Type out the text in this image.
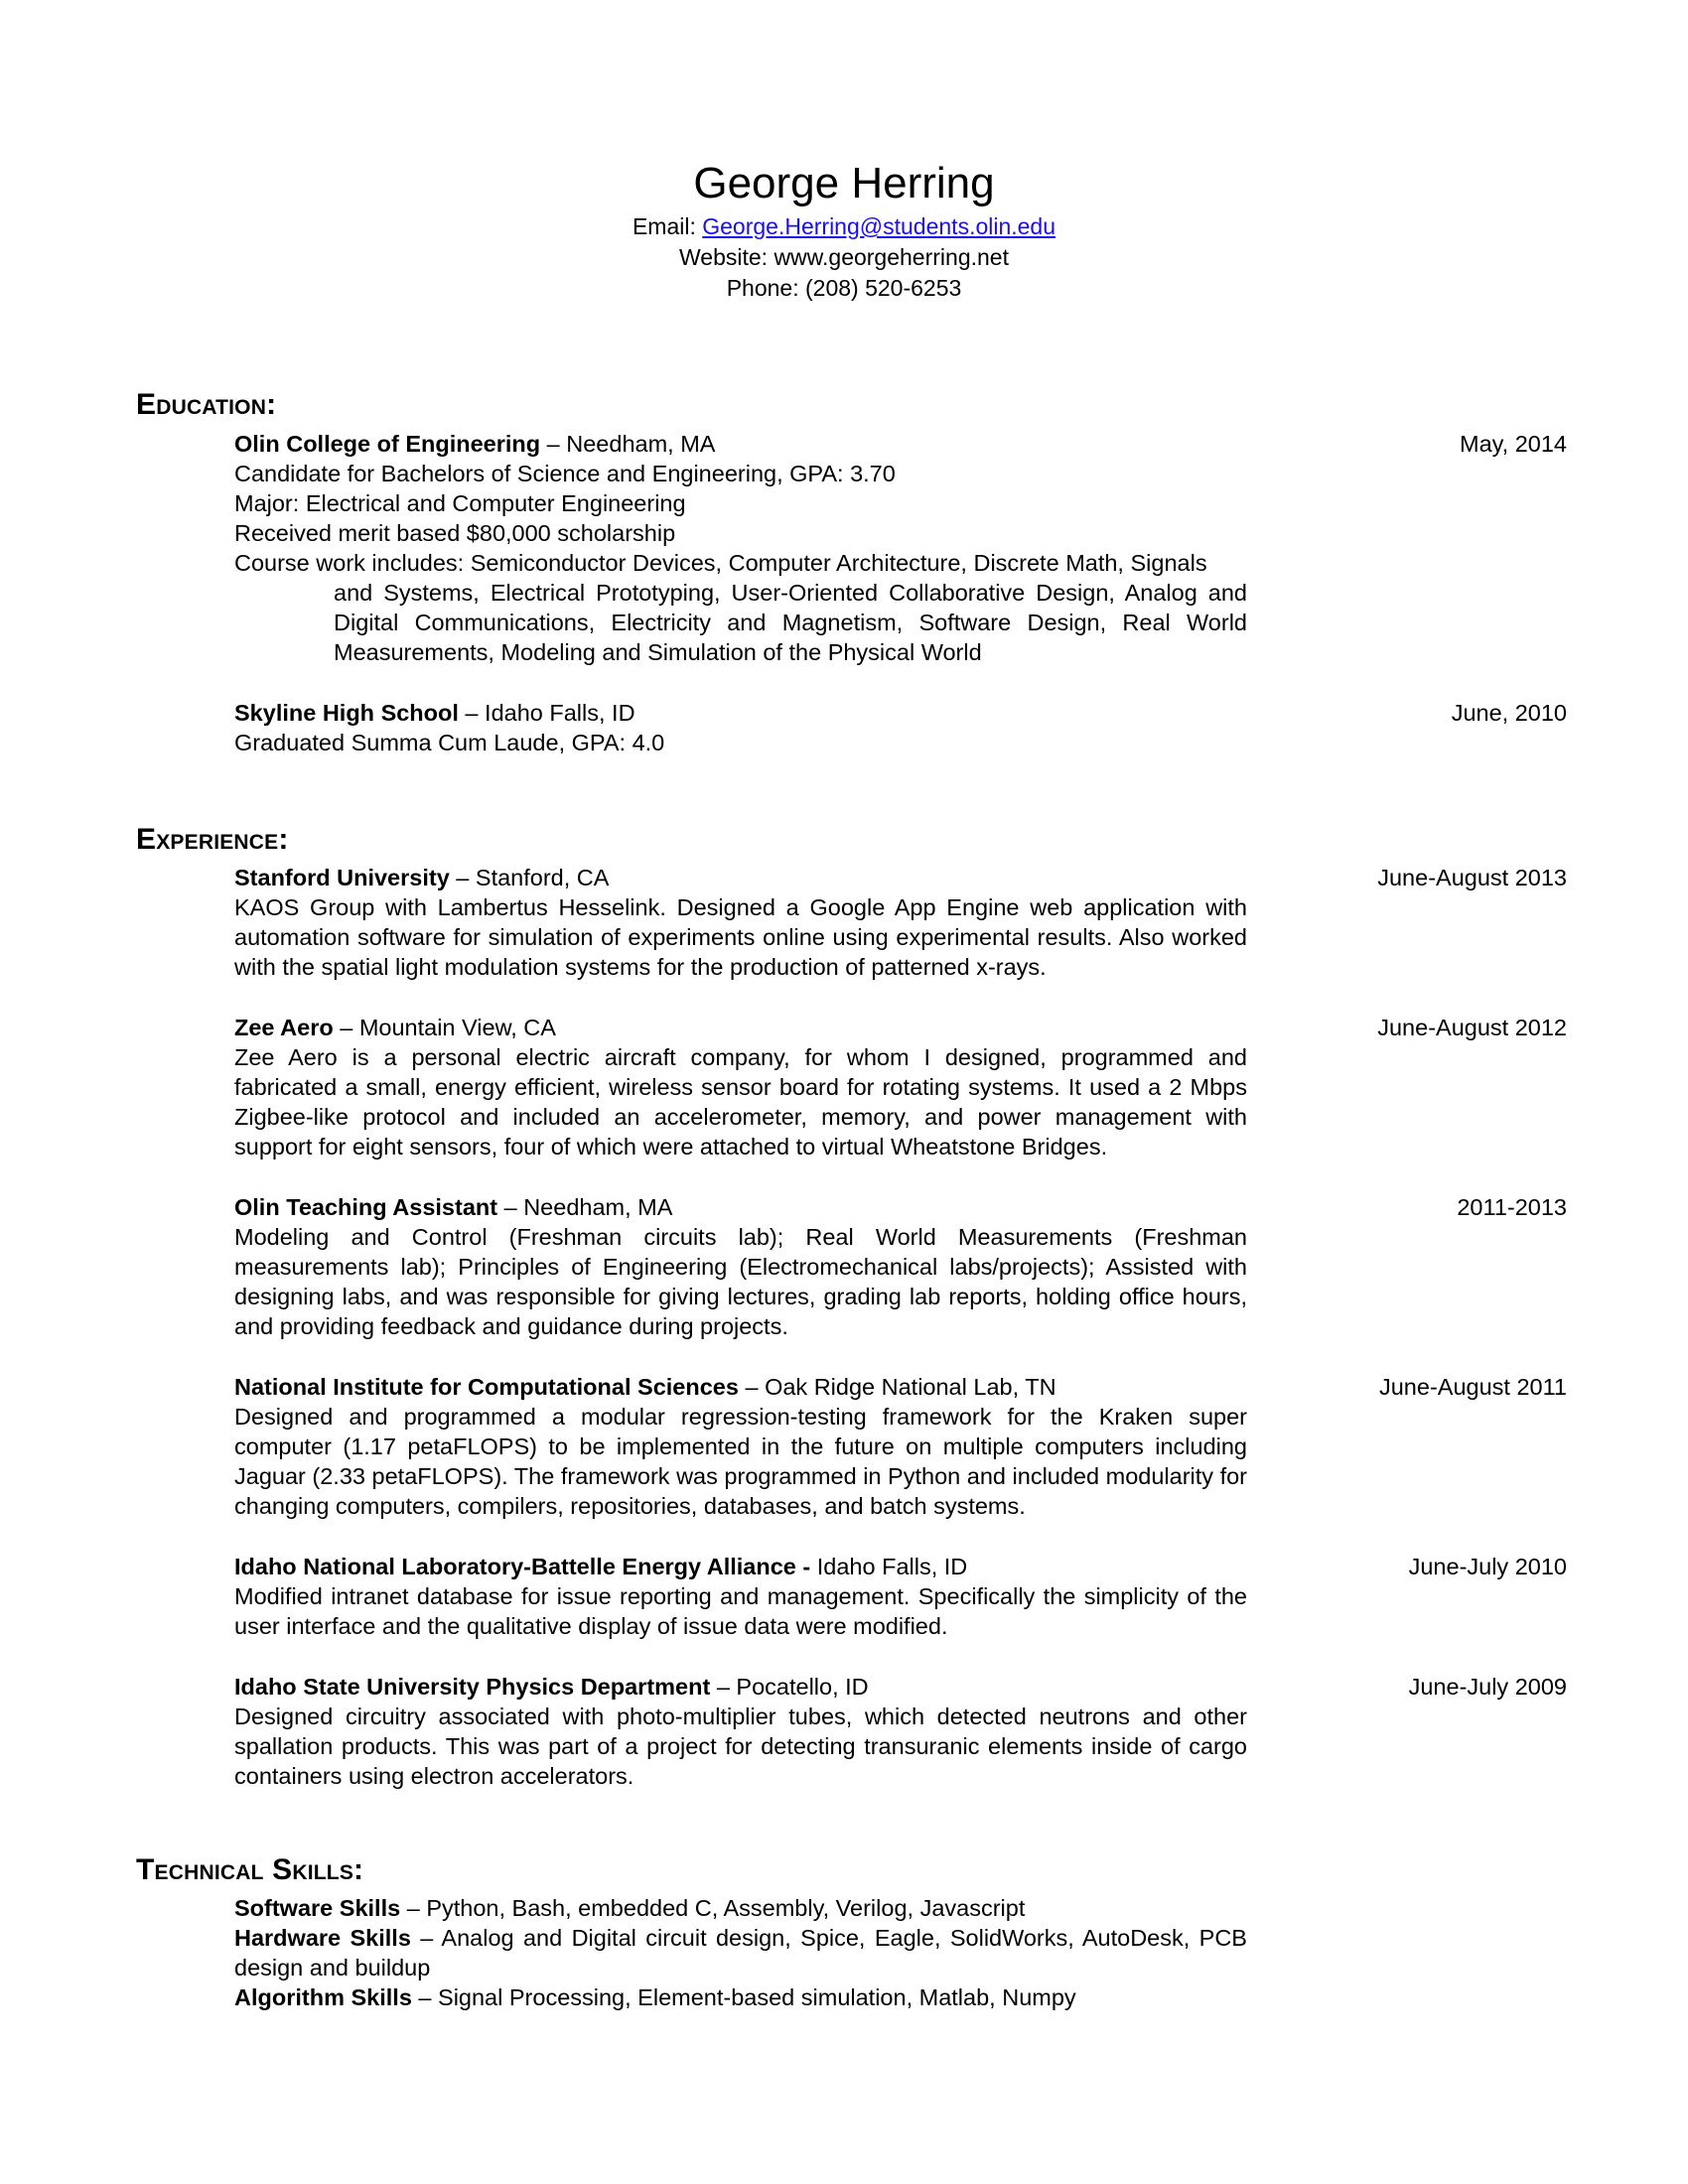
George Herring
Email: George.Herring@students.olin.edu
Website: www.georgeherring.net
Phone: (208) 520-6253
Education:
Olin College of Engineering – Needham, MA	May, 2014
Candidate for Bachelors of Science and Engineering, GPA: 3.70
Major: Electrical and Computer Engineering
Received merit based $80,000 scholarship
Course work includes: Semiconductor Devices, Computer Architecture, Discrete Math, Signals
and Systems, Electrical Prototyping, User-Oriented Collaborative Design, Analog and Digital Communications, Electricity and Magnetism, Software Design, Real World Measurements, Modeling and Simulation of the Physical World
Skyline High School – Idaho Falls, ID	June, 2010
Graduated Summa Cum Laude, GPA: 4.0
Experience:
Stanford University – Stanford, CA	June-August 2013
KAOS Group with Lambertus Hesselink. Designed a Google App Engine web application with automation software for simulation of experiments online using experimental results. Also worked with the spatial light modulation systems for the production of patterned x-rays.
Zee Aero – Mountain View, CA	June-August 2012
Zee Aero is a personal electric aircraft company, for whom I designed, programmed and fabricated a small, energy efficient, wireless sensor board for rotating systems. It used a 2 Mbps Zigbee-like protocol and included an accelerometer, memory, and power management with support for eight sensors, four of which were attached to virtual Wheatstone Bridges.
Olin Teaching Assistant – Needham, MA	2011-2013
Modeling and Control (Freshman circuits lab); Real World Measurements (Freshman measurements lab); Principles of Engineering (Electromechanical labs/projects); Assisted with designing labs, and was responsible for giving lectures, grading lab reports, holding office hours, and providing feedback and guidance during projects.
National Institute for Computational Sciences – Oak Ridge National Lab, TN	June-August 2011
Designed and programmed a modular regression-testing framework for the Kraken super computer (1.17 petaFLOPS) to be implemented in the future on multiple computers including Jaguar (2.33 petaFLOPS). The framework was programmed in Python and included modularity for changing computers, compilers, repositories, databases, and batch systems.
Idaho National Laboratory-Battelle Energy Alliance - Idaho Falls, ID	June-July 2010
Modified intranet database for issue reporting and management. Specifically the simplicity of the user interface and the qualitative display of issue data were modified.
Idaho State University Physics Department – Pocatello, ID	June-July 2009
Designed circuitry associated with photo-multiplier tubes, which detected neutrons and other spallation products. This was part of a project for detecting transuranic elements inside of cargo containers using electron accelerators.
Technical Skills:
Software Skills – Python, Bash, embedded C, Assembly, Verilog, Javascript
Hardware Skills – Analog and Digital circuit design, Spice, Eagle, SolidWorks, AutoDesk, PCB design and buildup
Algorithm Skills – Signal Processing, Element-based simulation, Matlab, Numpy
